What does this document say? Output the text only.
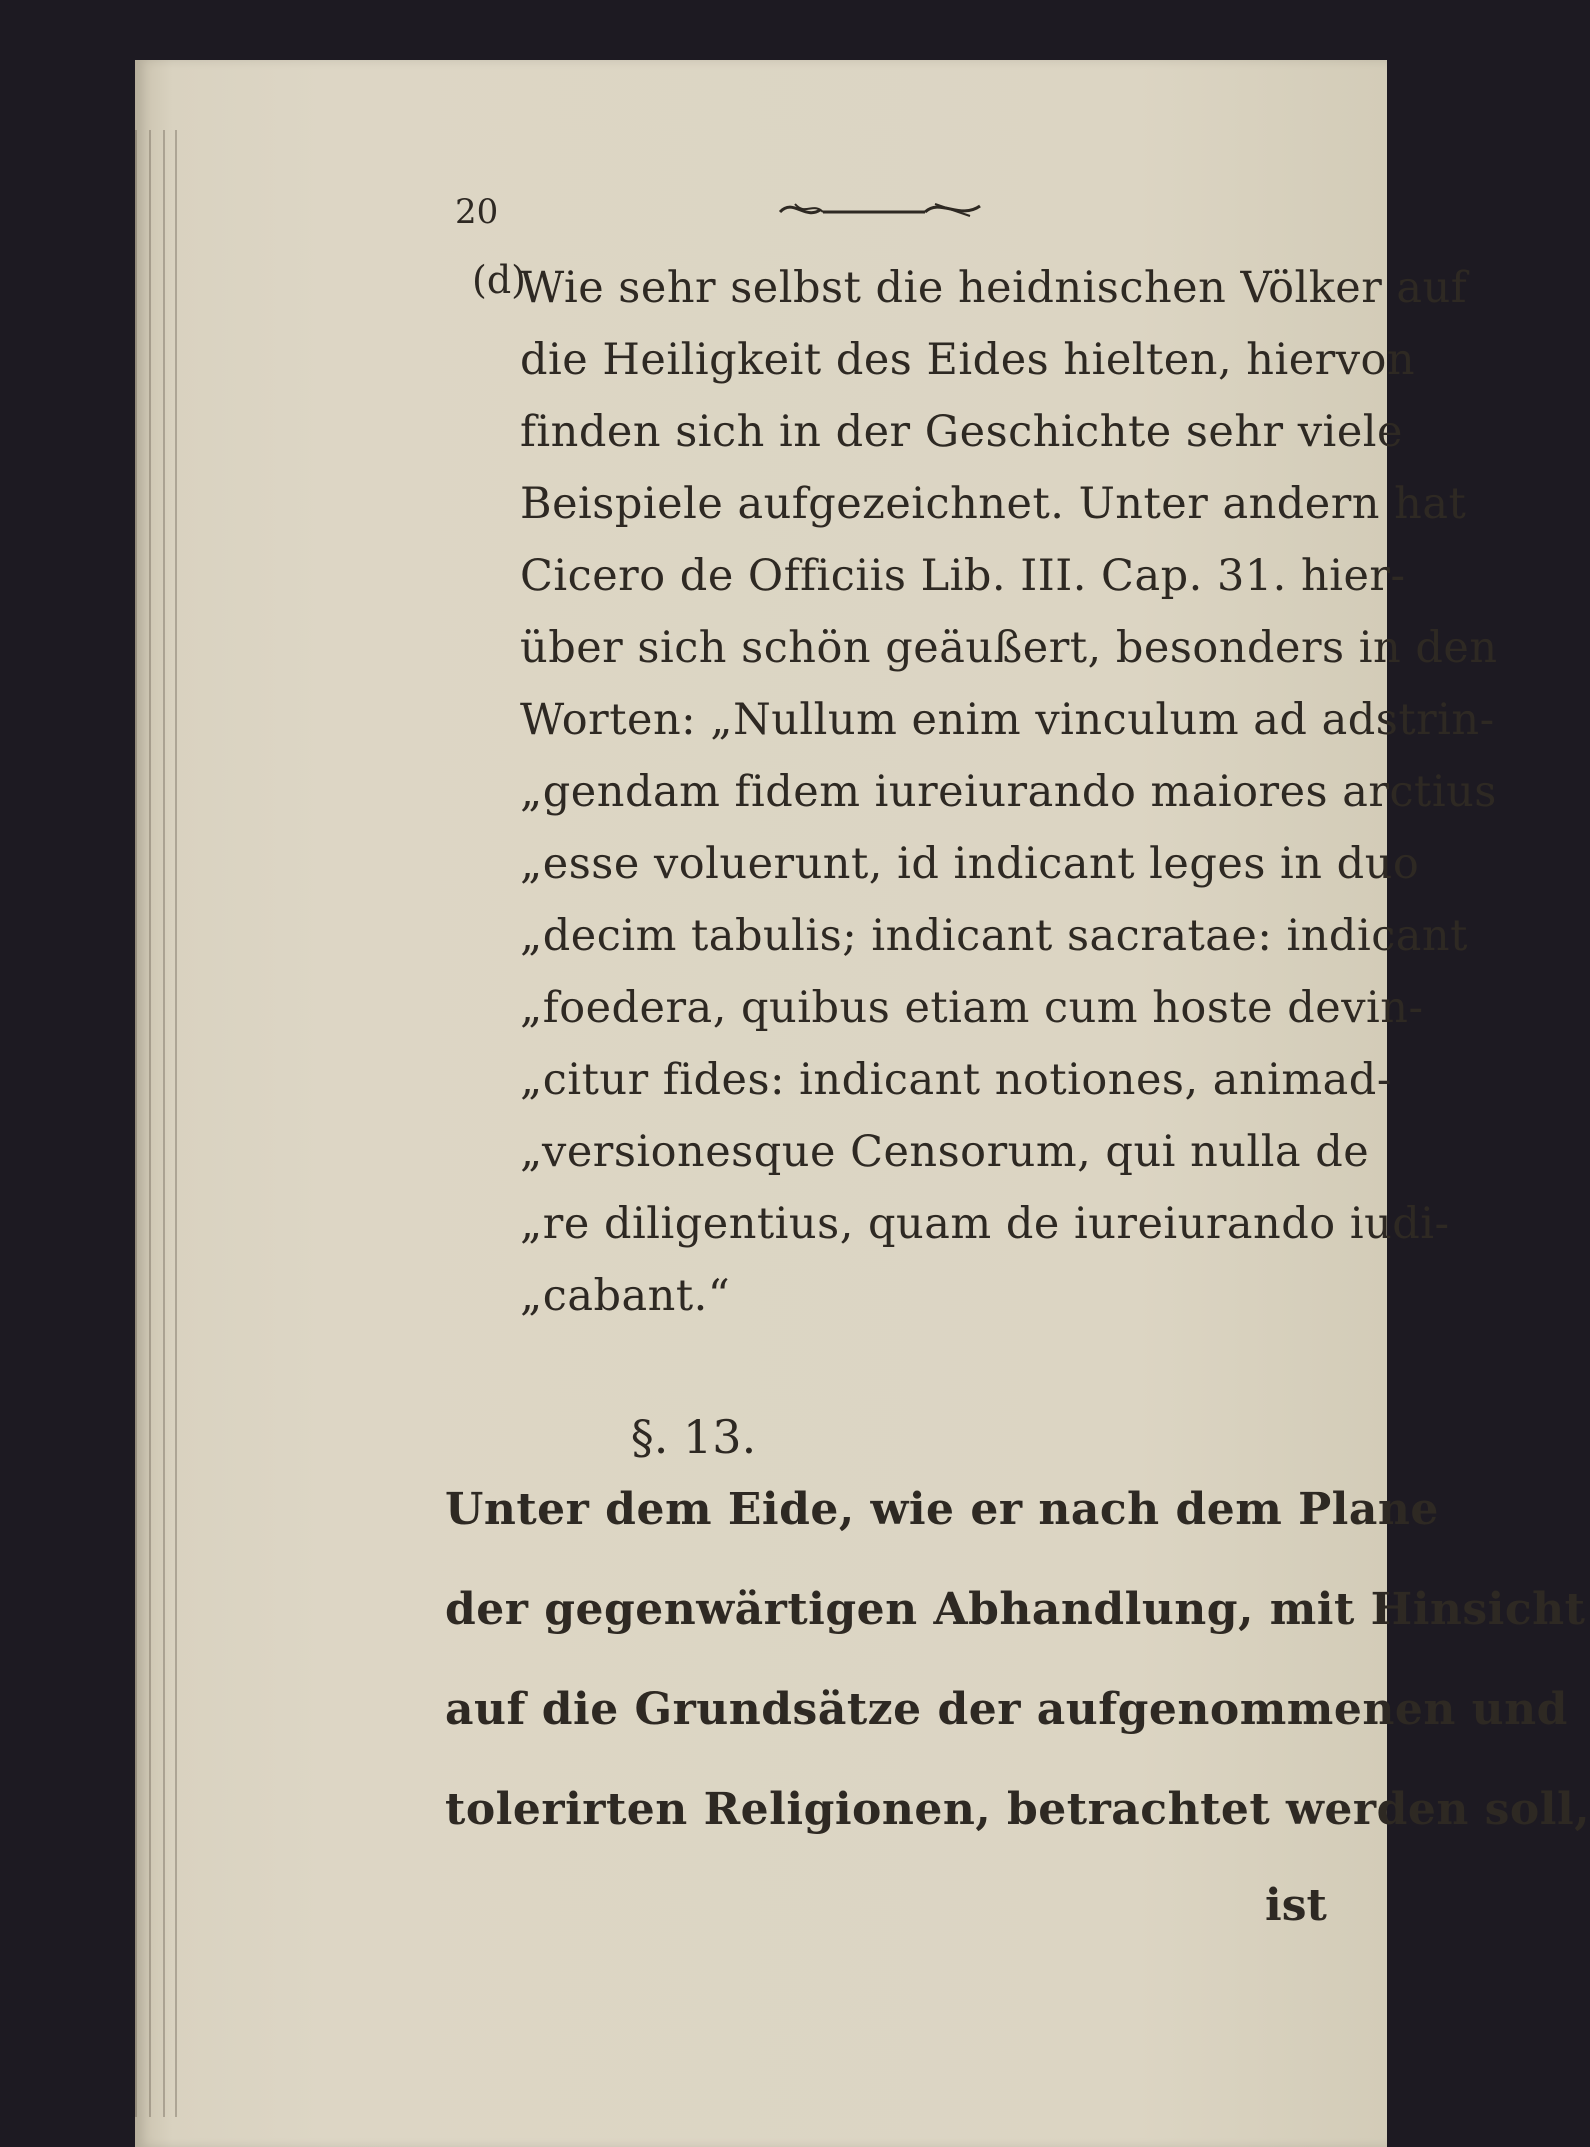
20
(d)
Wie sehr selbst die heidnischen Völker auf
die Heiligkeit des Eides hielten, hiervon
finden sich in der Geschichte sehr viele
Beispiele aufgezeichnet. Unter andern hat
Cicero de Officiis Lib. III. Cap. 31. hier-
über sich schön geäußert, besonders in den
Worten: „Nullum enim vinculum ad adstrin-
„gendam fidem iureiurando maiores arctius
„esse voluerunt, id indicant leges in duo
„decim tabulis; indicant sacratae: indicant
„foedera, quibus etiam cum hoste devin-
„citur fides: indicant notiones, animad-
„versionesque Censorum, qui nulla de
„re diligentius, quam de iureiurando iudi-
„cabant.“
§. 13.
Unter dem Eide, wie er nach dem Plane
der gegenwärtigen Abhandlung, mit Hinsicht
auf die Grundsätze der aufgenommenen und
tolerirten Religionen, betrachtet werden soll,
ist
